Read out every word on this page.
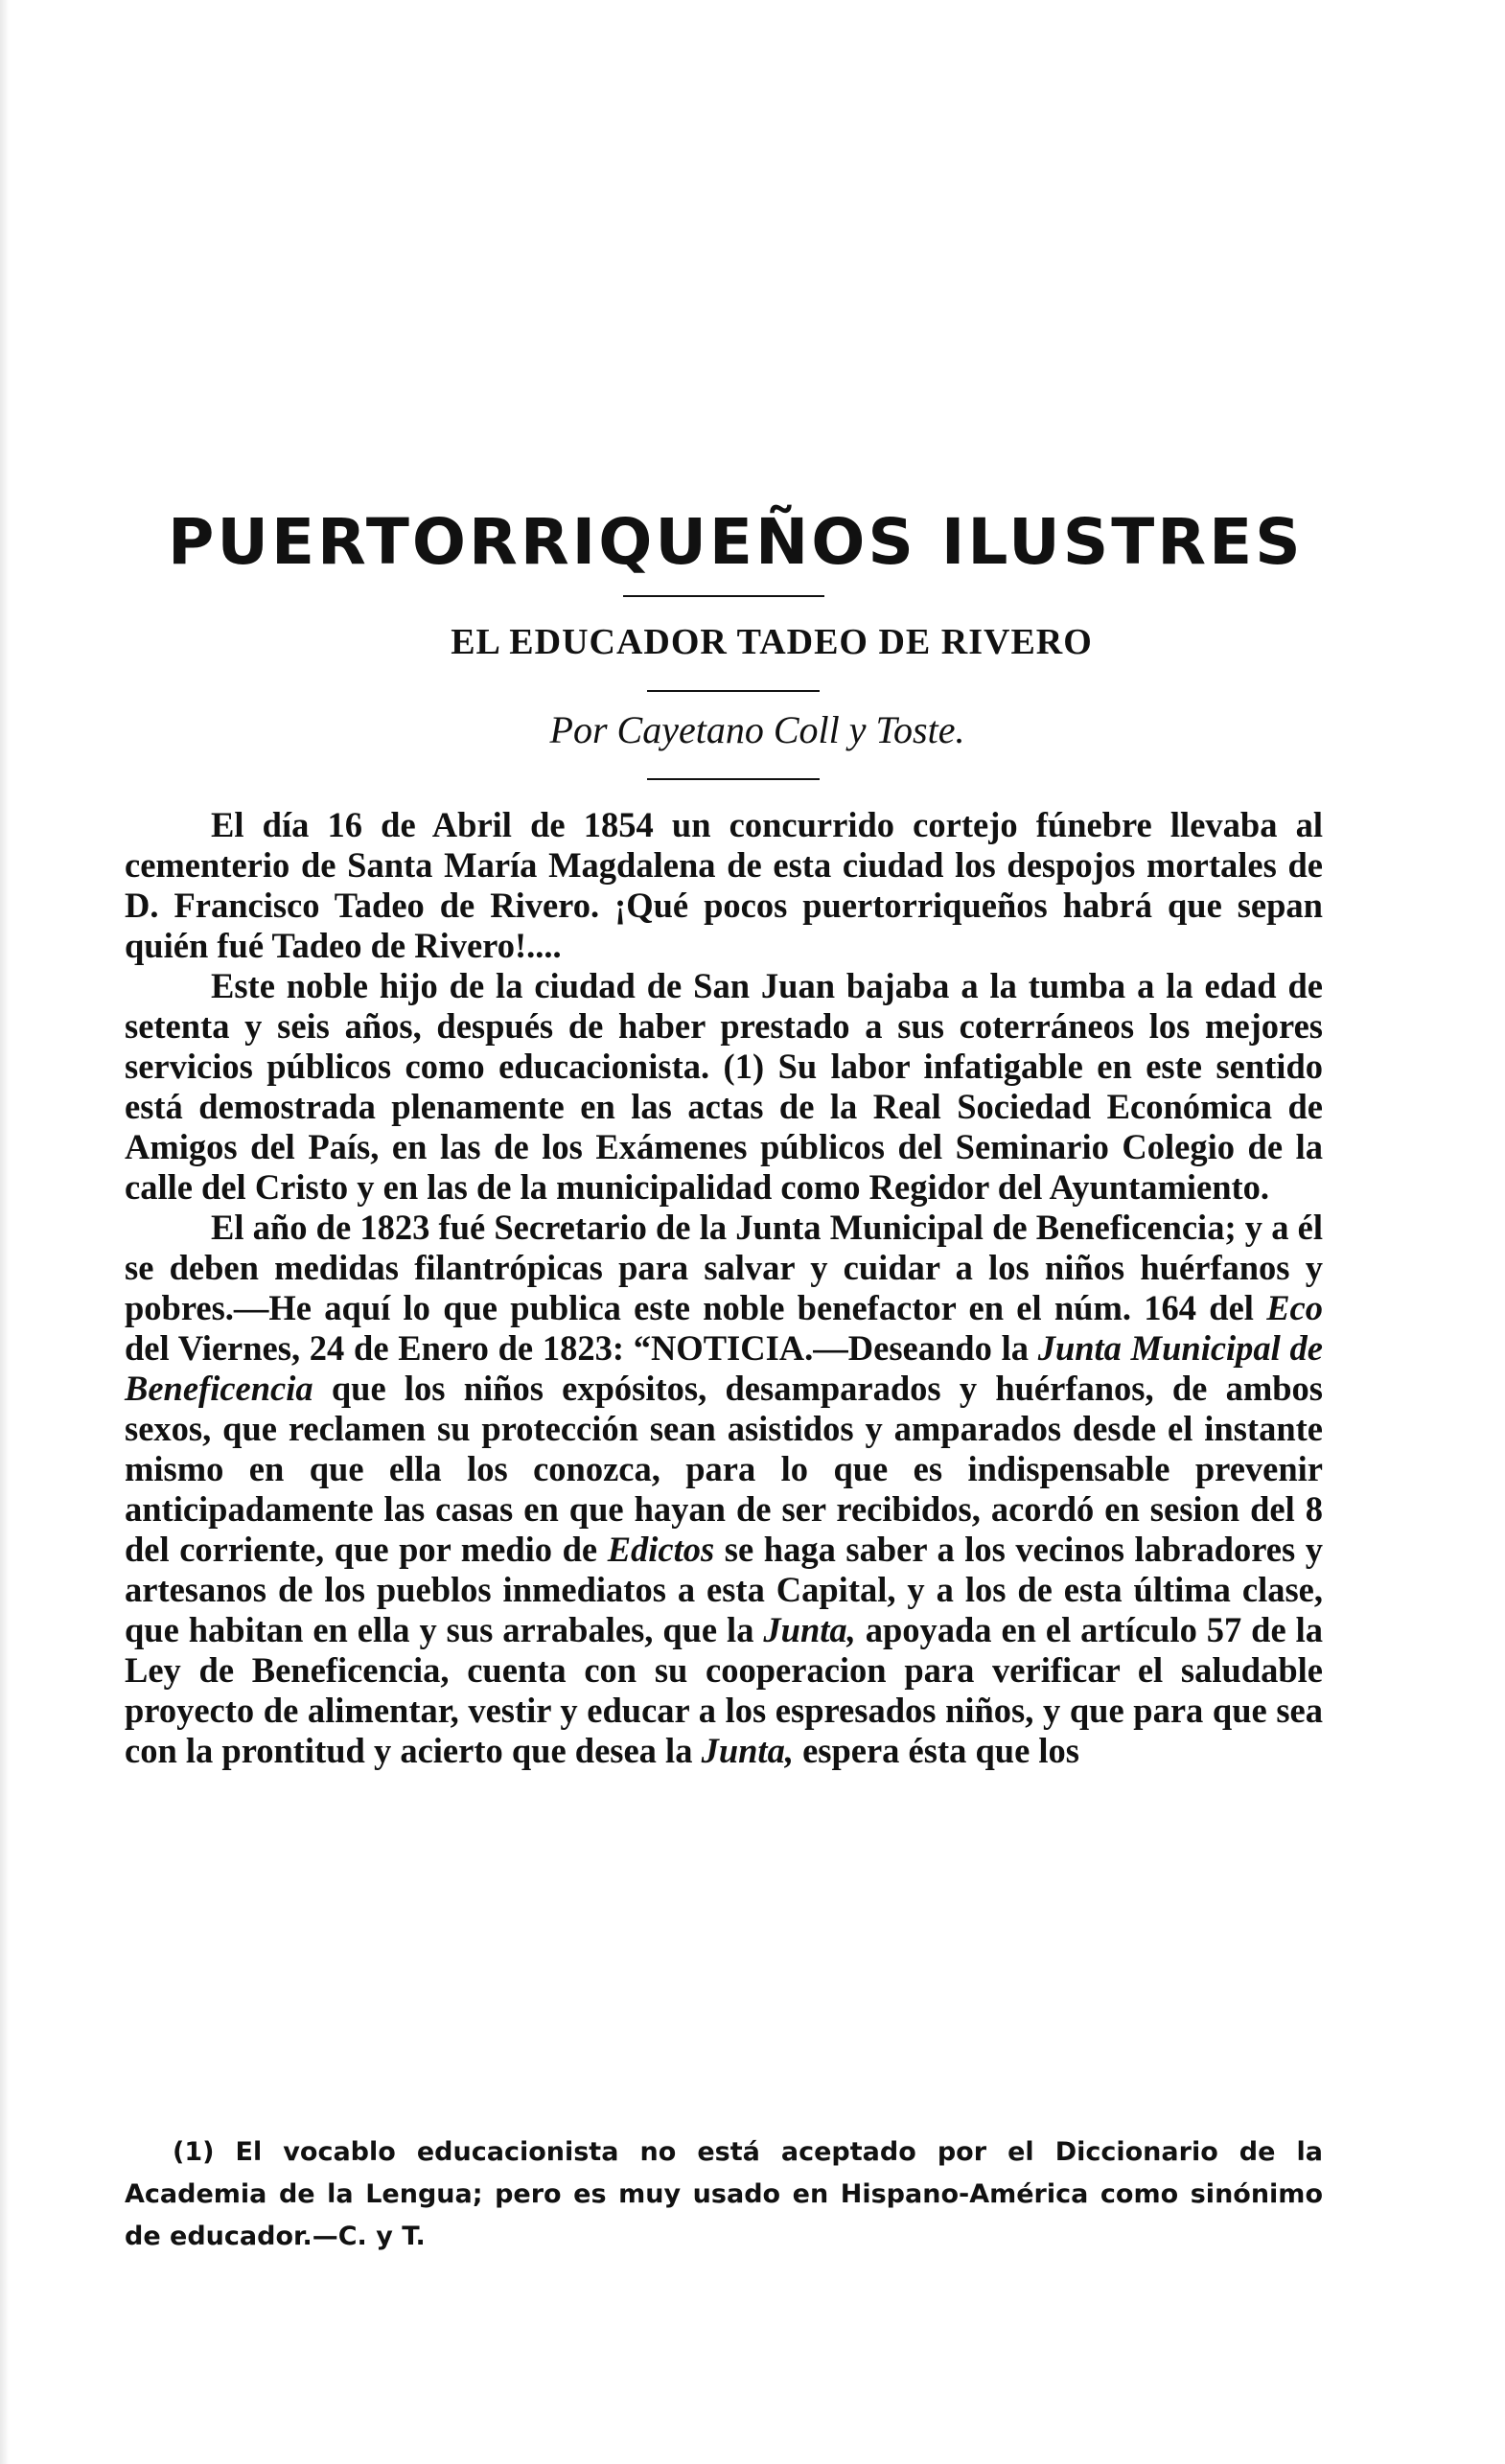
PUERTORRIQUEÑOS ILUSTRES
EL EDUCADOR TADEO DE RIVERO
Por Cayetano Coll y Toste.

El día 16 de Abril de 1854 un concurrido cortejo fúnebre llevaba al cementerio de Santa María Magdalena de esta ciudad los despojos mortales de D. Francisco Tadeo de Rivero. ¡Qué pocos puertorriqueños habrá que sepan quién fué Tadeo de Rivero!....

Este noble hijo de la ciudad de San Juan bajaba a la tumba a la edad de setenta y seis años, después de haber prestado a sus coterráneos los mejores servicios públicos como educacionista. (1) Su labor infatigable en este sentido está demostrada plenamente en las actas de la Real Sociedad Económica de Amigos del País, en las de los Exámenes públicos del Seminario Colegio de la calle del Cristo y en las de la municipalidad como Regidor del Ayuntamiento.

El año de 1823 fué Secretario de la Junta Municipal de Beneficencia; y a él se deben medidas filantrópicas para salvar y cuidar a los niños huérfanos y pobres.—He aquí lo que publica este noble benefactor en el núm. 164 del Eco del Viernes, 24 de Enero de 1823: “NOTICIA.—Deseando la Junta Municipal de Beneficencia que los niños expósitos, desamparados y huérfanos, de ambos sexos, que reclamen su protección sean asistidos y amparados desde el instante mismo en que ella los conozca, para lo que es indispensable prevenir anticipadamente las casas en que hayan de ser recibidos, acordó en sesion del 8 del corriente, que por medio de Edictos se haga saber a los vecinos labradores y artesanos de los pueblos inmediatos a esta Capital, y a los de esta última clase, que habitan en ella y sus arrabales, que la Junta, apoyada en el artículo 57 de la Ley de Beneficencia, cuenta con su cooperacion para verificar el saludable proyecto de alimentar, vestir y educar a los espresados niños, y que para que sea con la prontitud y acierto que desea la Junta, espera ésta que los

(1) El vocablo educacionista no está aceptado por el Diccionario de la Academia de la Lengua; pero es muy usado en Hispano-América como sinónimo de educador.—C. y T.
